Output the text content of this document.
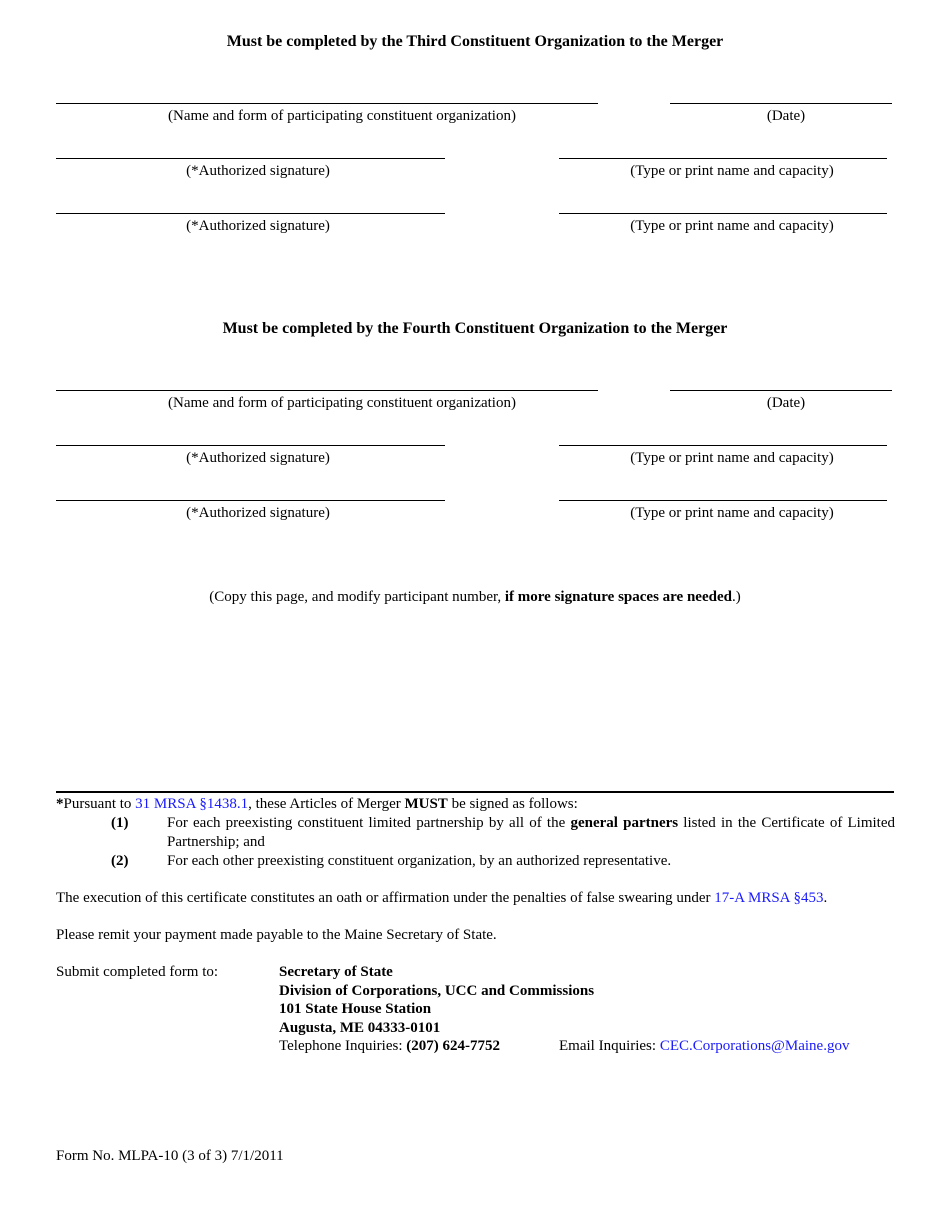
Must be completed by the Third Constituent Organization to the Merger
(Name and form of participating constituent organization)	(Date)
(*Authorized signature)	(Type or print name and capacity)
(*Authorized signature)	(Type or print name and capacity)
Must be completed by the Fourth Constituent Organization to the Merger
(Name and form of participating constituent organization)	(Date)
(*Authorized signature)	(Type or print name and capacity)
(*Authorized signature)	(Type or print name and capacity)
(Copy this page, and modify participant number, if more signature spaces are needed.)
*Pursuant to 31 MRSA §1438.1, these Articles of Merger MUST be signed as follows:
(1)	For each preexisting constituent limited partnership by all of the general partners listed in the Certificate of Limited
Partnership; and
(2)	For each other preexisting constituent organization, by an authorized representative.
The execution of this certificate constitutes an oath or affirmation under the penalties of false swearing under 17-A MRSA §453.
Please remit your payment made payable to the Maine Secretary of State.
Submit completed form to:	Secretary of State
Division of Corporations, UCC and Commissions
101 State House Station
Augusta, ME 04333-0101
Telephone Inquiries: (207) 624-7752	Email Inquiries: CEC.Corporations@Maine.gov
Form No. MLPA-10 (3 of 3) 7/1/2011
